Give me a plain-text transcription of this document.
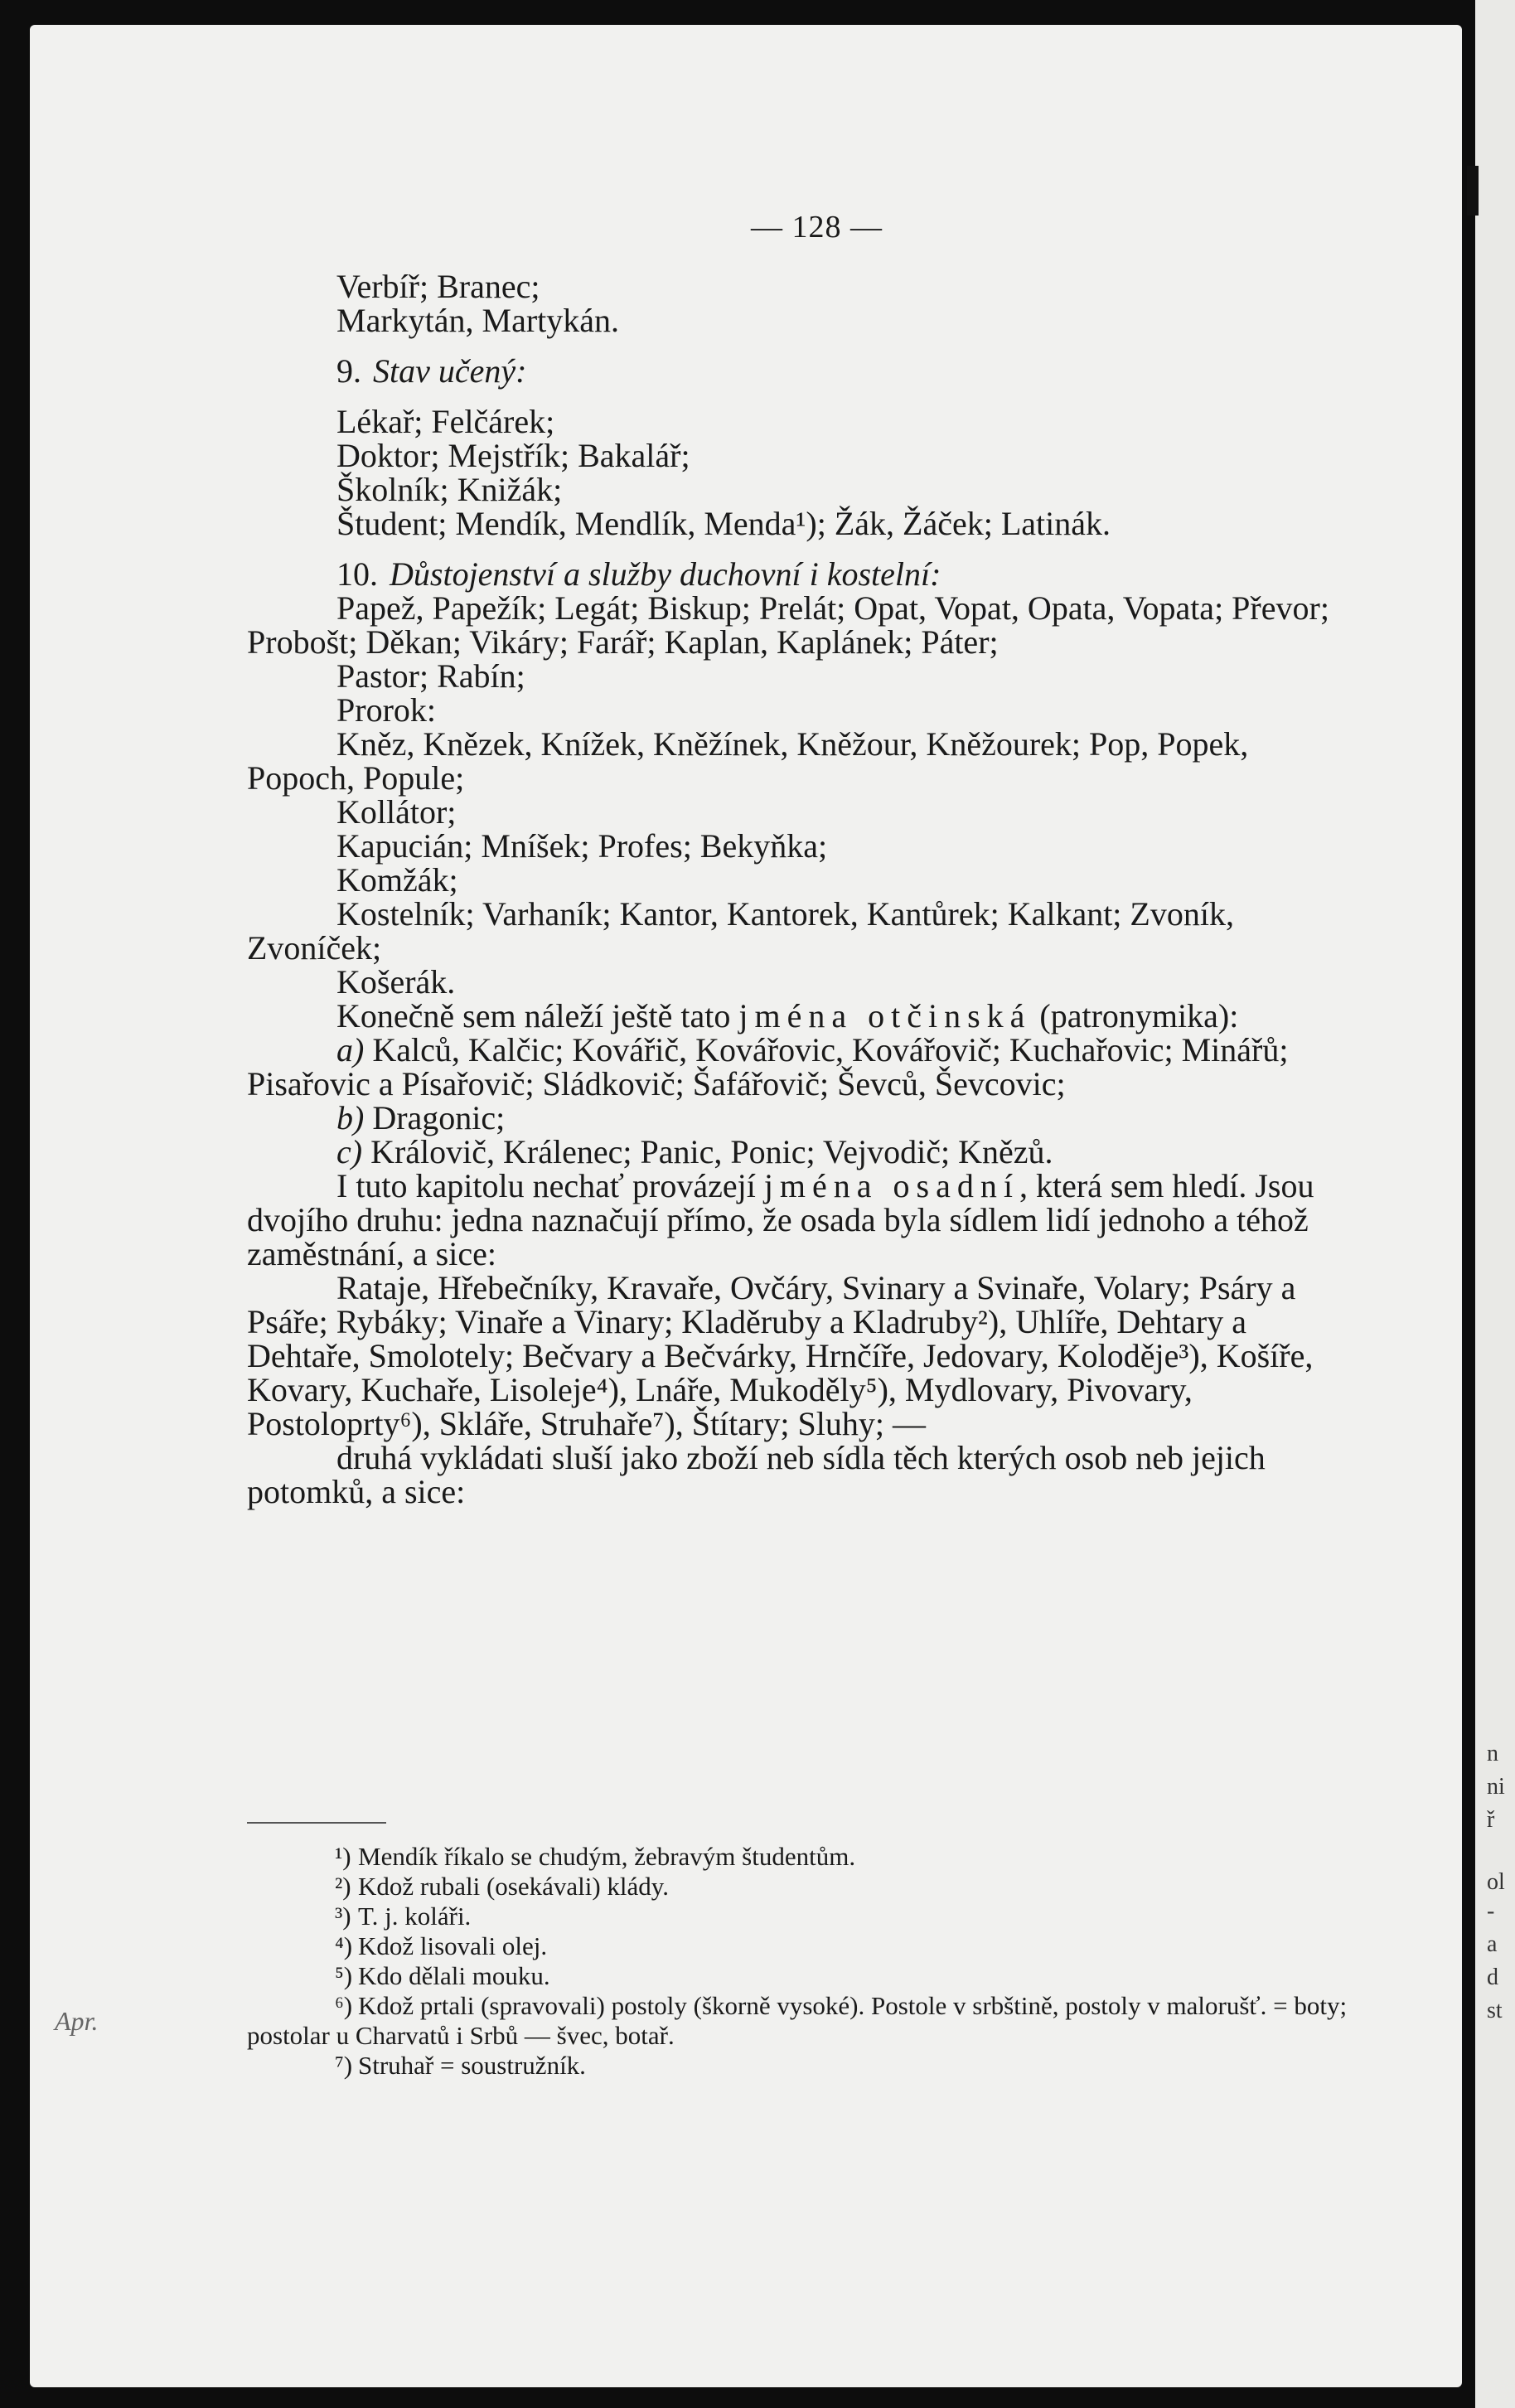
n
ni
ř
ol
-
a
d
st
— 128 —

Verbíř; Branec;

Markytán, Martykán.

9. Stav učený:

Lékař; Felčárek;

Doktor; Mejstřík; Bakalář;

Školník; Knižák;

Študent; Mendík, Mendlík, Menda¹); Žák, Žáček; Latinák.

10. Důstojenství a služby duchovní i kostelní:

Papež, Papežík; Legát; Biskup; Prelát; Opat, Vopat, Opata, Vopata; Převor; Probošt; Děkan; Vikáry; Farář; Kaplan, Kaplánek; Páter;

Pastor; Rabín;

Prorok:

Kněz, Knězek, Knížek, Kněžínek, Kněžour, Kněžourek; Pop, Popek, Popoch, Popule;

Kollátor;

Kapucián; Mníšek; Profes; Bekyňka;

Komžák;

Kostelník; Varhaník; Kantor, Kantorek, Kantůrek; Kalkant; Zvoník, Zvoníček;

Košerák.

Konečně sem náleží ještě tato jména otčinská (patronymika):

a) Kalců, Kalčic; Kovářič, Kovářovic, Kovářovič; Kuchařovic; Minářů; Pisařovic a Písařovič; Sládkovič; Šafářovič; Ševců, Ševcovic;

b) Dragonic;

c) Královič, Králenec; Panic, Ponic; Vejvodič; Knězů.

I tuto kapitolu nechať provázejí jména osadní, která sem hledí. Jsou dvojího druhu: jedna naznačují přímo, že osada byla sídlem lidí jednoho a téhož zaměstnání, a sice:

Rataje, Hřebečníky, Kravaře, Ovčáry, Svinary a Svinaře, Volary; Psáry a Psáře; Rybáky; Vinaře a Vinary; Kladěruby a Kladruby²), Uhlíře, Dehtary a Dehtaře, Smolotely; Bečvary a Bečvárky, Hrnčíře, Jedovary, Koloděje³), Košíře, Kovary, Kuchaře, Lisoleje⁴), Lnáře, Mukoděly⁵), Mydlovary, Pivovary, Postoloprty⁶), Skláře, Struhaře⁷), Štítary; Sluhy; —

druhá vykládati sluší jako zboží neb sídla těch kterých osob neb jejich potomků, a sice:

¹) Mendík říkalo se chudým, žebravým študentům.

²) Kdož rubali (osekávali) klády.

³) T. j. koláři.

⁴) Kdož lisovali olej.

⁵) Kdo dělali mouku.

⁶) Kdož prtali (spravovali) postoly (škorně vysoké). Postole v srbštině, postoly v malorušť. = boty; postolar u Charvatů i Srbů — švec, botař.

⁷) Struhař = soustružník.

Apr.
